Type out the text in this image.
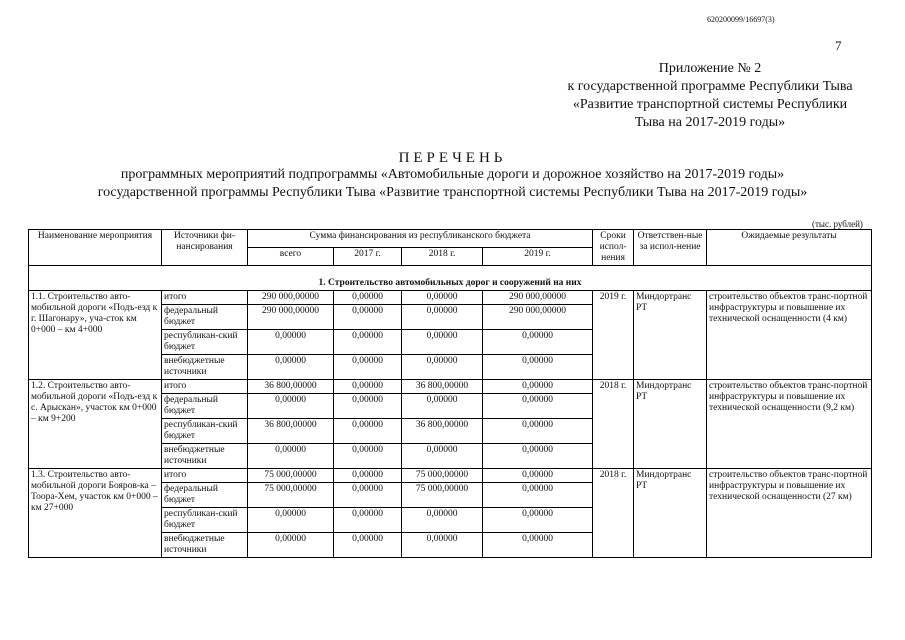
620200099/16697(3)
7
Приложение № 2
к государственной программе Республики Тыва
«Развитие транспортной системы Республики
Тыва на 2017-2019 годы»
ПЕРЕЧЕНЬ
программных мероприятий подпрограммы «Автомобильные дороги и дорожное хозяйство на 2017-2019 годы»
государственной программы Республики Тыва «Развитие транспортной системы Республики Тыва на 2017-2019 годы»
(тыс. рублей)
Наименование мероприятия	Источники фи-нансирования	Сумма финансирования из республиканского бюджета				Сроки испол-нения	Ответствен-ные за испол-нение	Ожидаемые результаты
		всего	2017 г.	2018 г.	2019 г.			
1. Строительство автомобильных дорог и сооружений на них								
1.1. Строительство авто-мобильной дороги «Подъ-езд к г. Шагонару», уча-сток км 0+000 – км 4+000	итого	290 000,00000	0,00000	0,00000	290 000,00000	2019 г.	Миндортранс РТ	строительство объектов транс-портной инфраструктуры и повышение их технической оснащенности (4 км)
	федеральный бюджет	290 000,00000	0,00000	0,00000	290 000,00000			
	республикан-ский бюджет	0,00000	0,00000	0,00000	0,00000			
	внебюджетные источники	0,00000	0,00000	0,00000	0,00000			
1.2. Строительство авто-мобильной дороги «Подъ-езд к с. Арыскан», участок км 0+000 – км 9+200	итого	36 800,00000	0,00000	36 800,00000	0,00000	2018 г.	Миндортранс РТ	строительство объектов транс-портной инфраструктуры и повышение их технической оснащенности (9,2 км)
	федеральный бюджет	0,00000	0,00000	0,00000	0,00000			
	республикан-ский бюджет	36 800,00000	0,00000	36 800,00000	0,00000			
	внебюджетные источники	0,00000	0,00000	0,00000	0,00000			
1.3. Строительство авто-мобильной дороги Бояров-ка – Тоора-Хем, участок км 0+000 – км 27+000	итого	75 000,00000	0,00000	75 000,00000	0,00000	2018 г.	Миндортранс РТ	строительство объектов транс-портной инфраструктуры и повышение их технической оснащенности (27 км)
	федеральный бюджет	75 000,00000	0,00000	75 000,00000	0,00000			
	республикан-ский бюджет	0,00000	0,00000	0,00000	0,00000			
	внебюджетные источники	0,00000	0,00000	0,00000	0,00000			
